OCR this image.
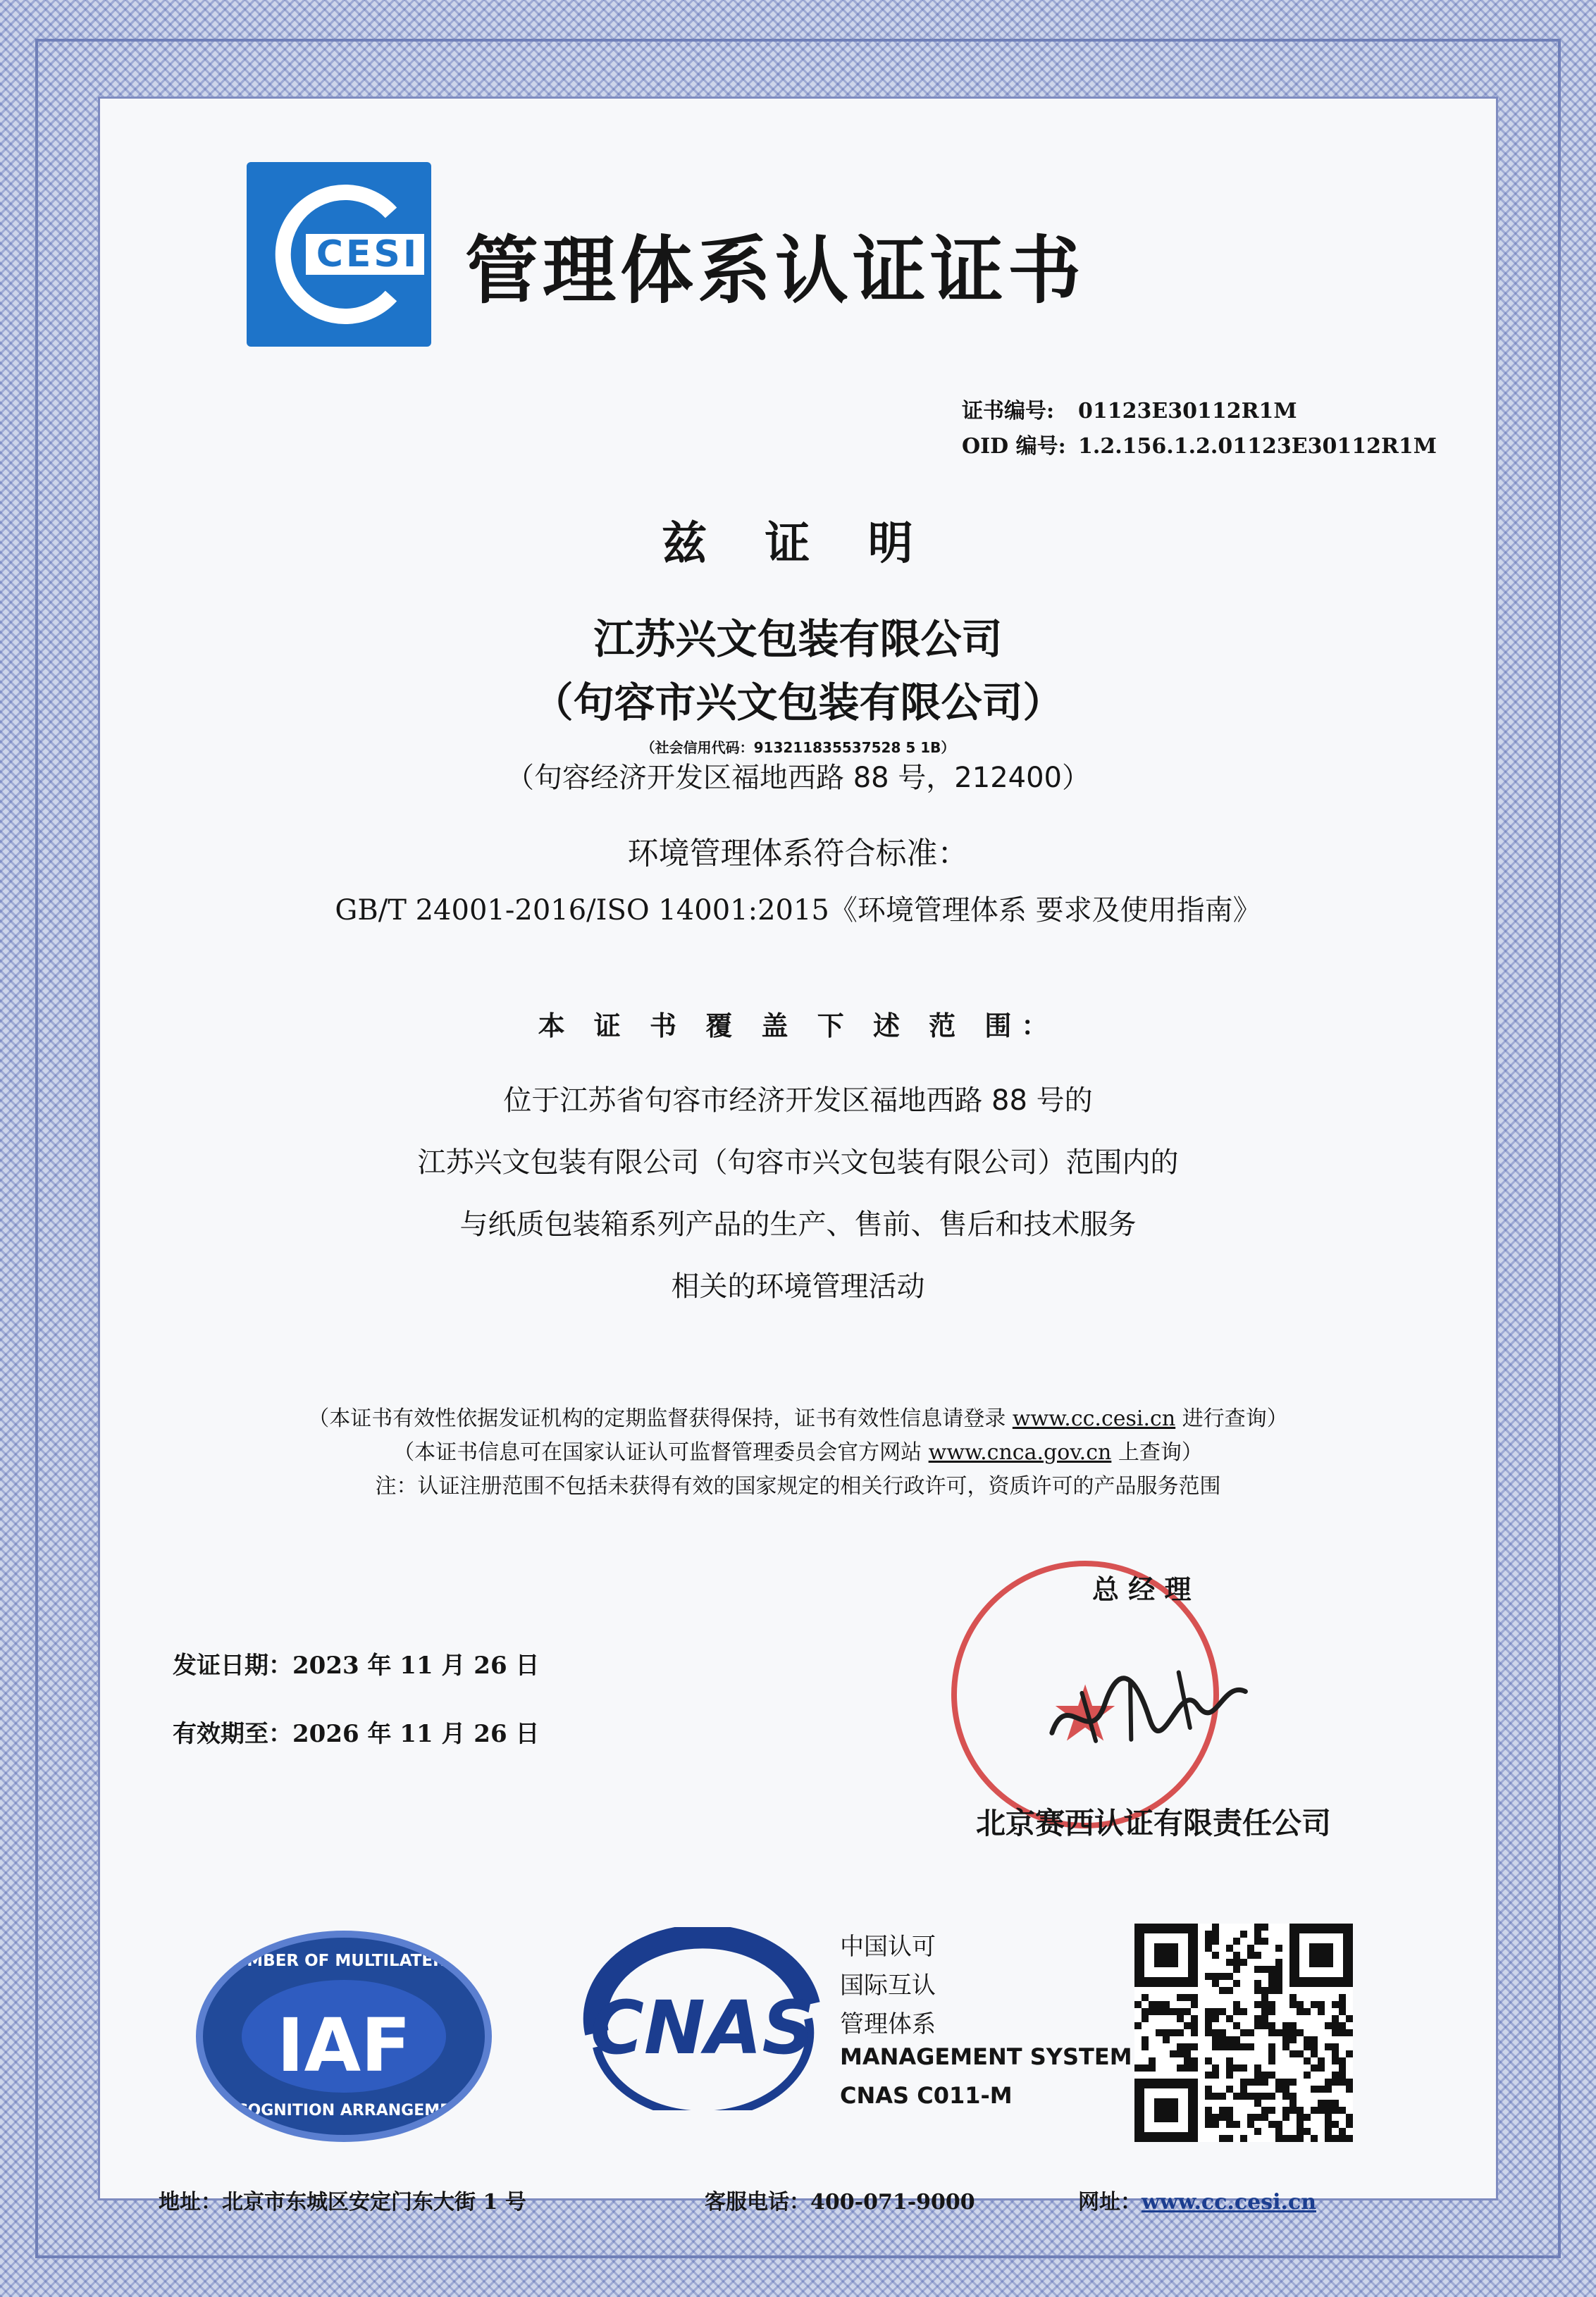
CESI 管理体系认证证书
证书编号: 01123E30112R1M
OID 编号: 1.2.156.1.2.01123E30112R1M
兹 证 明
江苏兴文包装有限公司
（句容市兴文包装有限公司）
（社会信用代码：913211835537528 5 1B）
（句容经济开发区福地西路 88 号，212400）
环境管理体系符合标准：
GB/T 24001-2016/ISO 14001:2015《环境管理体系 要求及使用指南》
本 证 书 覆 盖 下 述 范 围：
位于江苏省句容市经济开发区福地西路 88 号的
江苏兴文包装有限公司（句容市兴文包装有限公司）范围内的
与纸质包装箱系列产品的生产、售前、售后和技术服务
相关的环境管理活动
（本证书有效性依据发证机构的定期监督获得保持，证书有效性信息请登录 www.cc.cesi.cn 进行查询）
（本证书信息可在国家认证认可监督管理委员会官方网站 www.cnca.gov.cn 上查询）
注：认证注册范围不包括未获得有效的国家规定的相关行政许可，资质许可的产品服务范围
发证日期：2023 年 11 月 26 日
有效期至：2026 年 11 月 26 日	★
总 经 理
北京赛西认证有限责任公司
MEMBER OF MULTILATERAL
IAF
RECOGNITION ARRANGEMENT
CNAS
中国认可
国际互认
管理体系
MANAGEMENT SYSTEM
CNAS C011-M
地址：北京市东城区安定门东大街 1 号	客服电话：400-071-9000	网址：www.cc.cesi.cn
